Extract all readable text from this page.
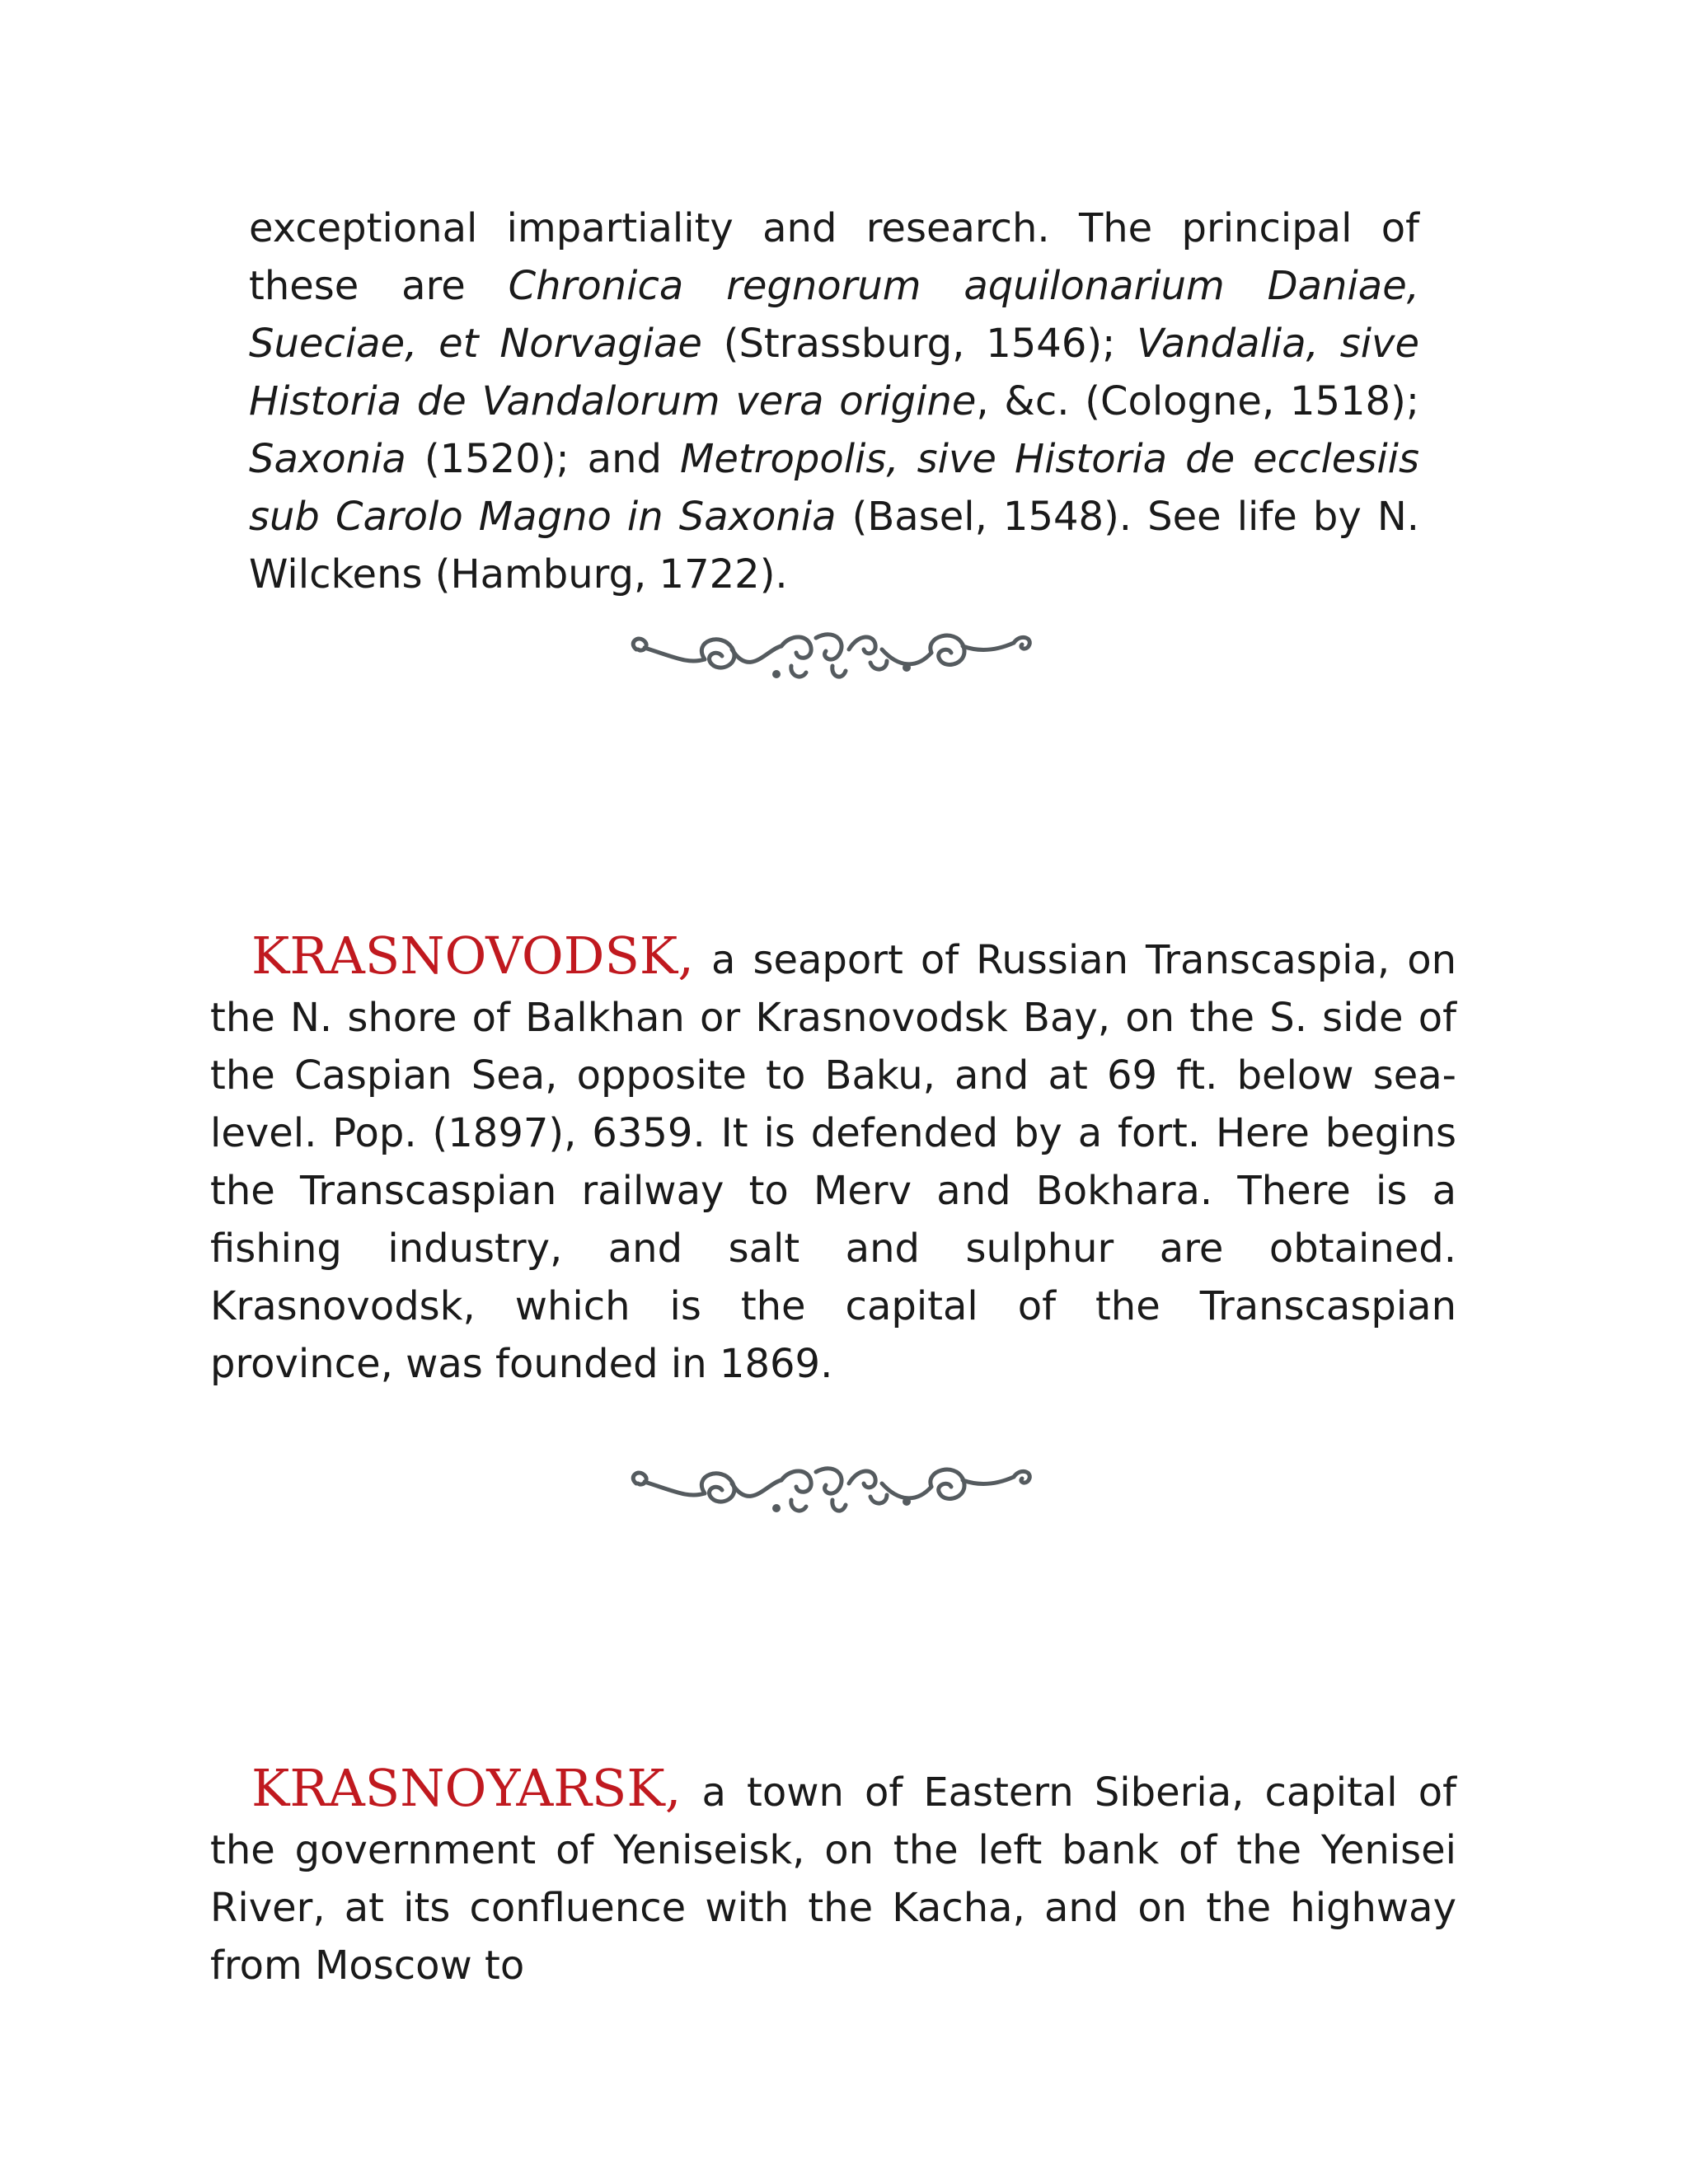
exceptional impartiality and research. The principal of these are Chronica regnorum aquilonarium Daniae, Sueciae, et Norvagiae (Strassburg, 1546); Vandalia, sive Historia de Vandalorum vera origine, &c. (Cologne, 1518); Saxonia (1520); and Metropolis, sive Historia de ecclesiis sub Carolo Magno in Saxonia (Basel, 1548). See life by N. Wilckens (Hamburg, 1722).

KRASNOVODSK, a seaport of Russian Transcaspia, on the N. shore of Balkhan or Krasnovodsk Bay, on the S. side of the Caspian Sea, opposite to Baku, and at 69 ft. below sea-level. Pop. (1897), 6359. It is defended by a fort. Here begins the Transcaspian railway to Merv and Bokhara. There is a fishing industry, and salt and sulphur are obtained. Krasnovodsk, which is the capital of the Transcaspian province, was founded in 1869.

KRASNOYARSK, a town of Eastern Siberia, capital of the government of Yeniseisk, on the left bank of the Yenisei River, at its confluence with the Kacha, and on the highway from Moscow to
